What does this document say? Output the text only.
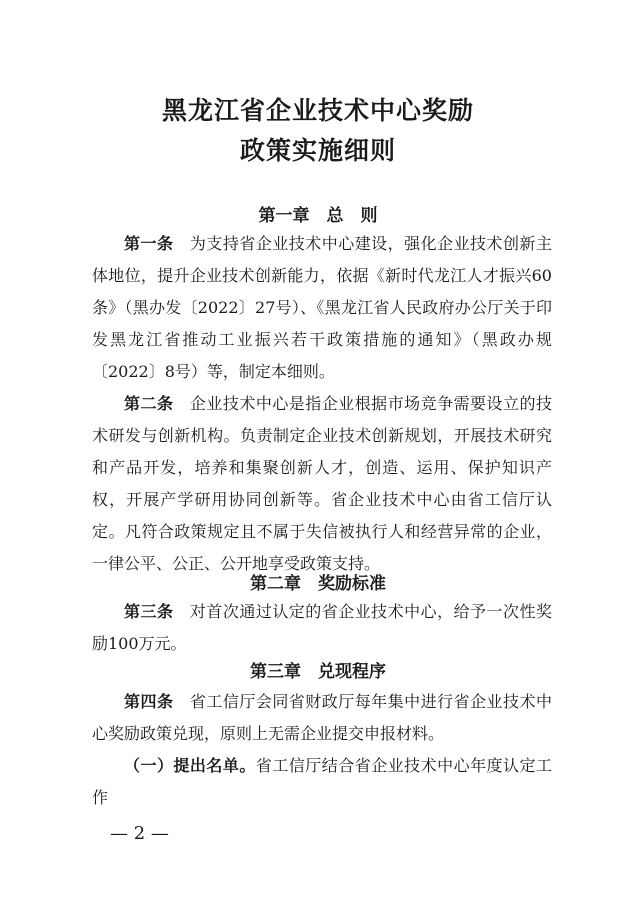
黑龙江省企业技术中心奖励
政策实施细则
第一章　总　则
第一条　 为支持省企业技术中心建设，强化企业技术创新主体地位，提升企业技术创新能力，依据《新时代龙江人才振兴60条》（黑办发〔2022〕27号）、《黑龙江省人民政府办公厅关于印发黑龙江省推动工业振兴若干政策措施的通知》（黑政办规〔2022〕8号）等，制定本细则。
第二条　 企业技术中心是指企业根据市场竞争需要设立的技术研发与创新机构。负责制定企业技术创新规划，开展技术研究和产品开发，培养和集聚创新人才，创造、运用、保护知识产权，开展产学研用协同创新等。省企业技术中心由省工信厅认定。凡符合政策规定且不属于失信被执行人和经营异常的企业，一律公平、公正、公开地享受政策支持。
第二章　奖励标准
第三条　 对首次通过认定的省企业技术中心，给予一次性奖励100万元。
第三章　兑现程序
第四条　 省工信厅会同省财政厅每年集中进行省企业技术中心奖励政策兑现，原则上无需企业提交申报材料。
（一）提出名单。省工信厅结合省企业技术中心年度认定工作
— 2 —
